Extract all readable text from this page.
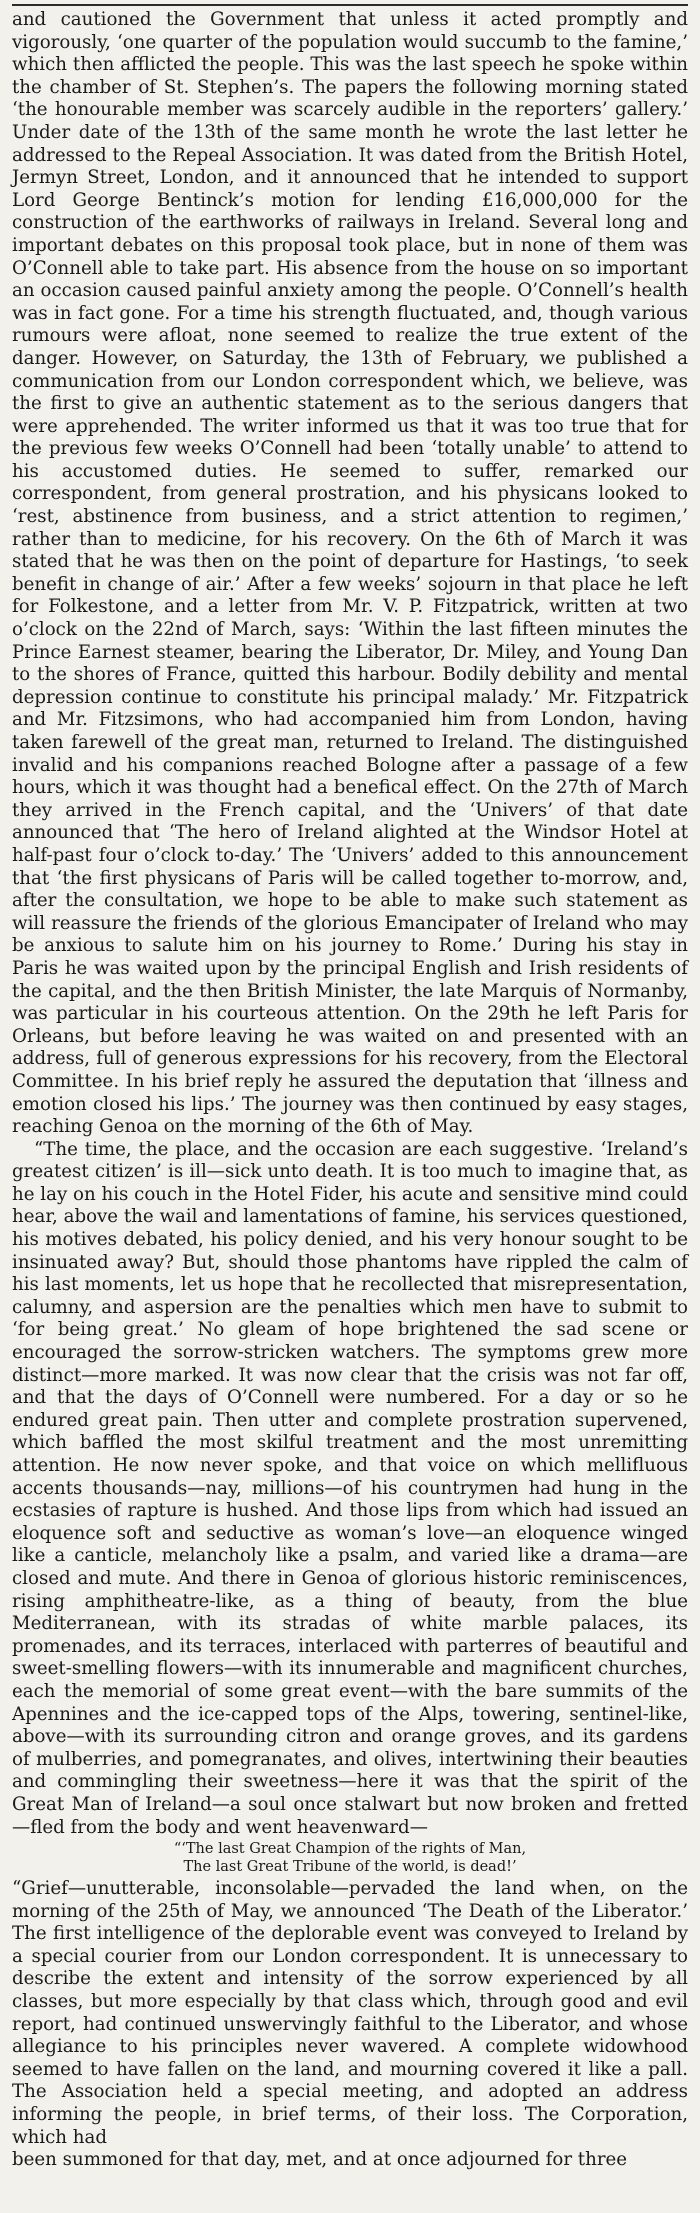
and cautioned the Government that unless it acted promptly and vigorously, ‘one quarter of the population would succumb to the famine,’ which then afflicted the people. This was the last speech he spoke within the chamber of St. Stephen’s. The papers the following morning stated ‘the honourable member was scarcely audible in the reporters’ gallery.’ Under date of the 13th of the same month he wrote the last letter he addressed to the Repeal Association. It was dated from the British Hotel, Jermyn Street, London, and it announced that he intended to support Lord George Bentinck’s motion for lending £16,000,000 for the construction of the earthworks of railways in Ireland. Several long and important debates on this proposal took place, but in none of them was O’Connell able to take part. His absence from the house on so important an occasion caused painful anxiety among the people. O’Connell’s health was in fact gone. For a time his strength fluctuated, and, though various rumours were afloat, none seemed to realize the true extent of the danger. However, on Saturday, the 13th of February, we published a communication from our London correspondent which, we believe, was the first to give an authentic statement as to the serious dangers that were apprehended. The writer informed us that it was too true that for the previous few weeks O’Connell had been ‘totally unable’ to attend to his accustomed duties. He seemed to suffer, remarked our correspondent, from general prostration, and his physicans looked to ‘rest, abstinence from business, and a strict attention to regimen,’ rather than to medicine, for his recovery. On the 6th of March it was stated that he was then on the point of departure for Hastings, ‘to seek benefit in change of air.’ After a few weeks’ sojourn in that place he left for Folkestone, and a letter from Mr. V. P. Fitzpatrick, written at two o’clock on the 22nd of March, says: ‘Within the last fifteen minutes the Prince Earnest steamer, bearing the Liberator, Dr. Miley, and Young Dan to the shores of France, quitted this harbour. Bodily debility and mental depression continue to constitute his principal malady.’ Mr. Fitzpatrick and Mr. Fitzsimons, who had accompanied him from London, having taken farewell of the great man, returned to Ireland. The distinguished invalid and his companions reached Bologne after a passage of a few hours, which it was thought had a benefical effect. On the 27th of March they arrived in the French capital, and the ‘Univers’ of that date announced that ‘The hero of Ireland alighted at the Windsor Hotel at half-past four o’clock to-day.’ The ‘Univers’ added to this announcement that ‘the first physicans of Paris will be called together to-morrow, and, after the consultation, we hope to be able to make such statement as will reassure the friends of the glorious Emancipater of Ireland who may be anxious to salute him on his journey to Rome.’ During his stay in Paris he was waited upon by the principal English and Irish residents of the capital, and the then British Minister, the late Marquis of Normanby, was particular in his courteous attention. On the 29th he left Paris for Orleans, but before leaving he was waited on and presented with an address, full of generous expressions for his recovery, from the Electoral Committee. In his brief reply he assured the deputation that ‘illness and emotion closed his lips.’ The journey was then continued by easy stages, reaching Genoa on the morning of the 6th of May.

“The time, the place, and the occasion are each suggestive. ‘Ireland’s greatest citizen’ is ill—sick unto death. It is too much to imagine that, as he lay on his couch in the Hotel Fider, his acute and sensitive mind could hear, above the wail and lamentations of famine, his services questioned, his motives debated, his policy denied, and his very honour sought to be insinuated away? But, should those phantoms have rippled the calm of his last moments, let us hope that he recollected that misrepresentation, calumny, and aspersion are the penalties which men have to submit to ‘for being great.’ No gleam of hope brightened the sad scene or encouraged the sorrow-stricken watchers. The symptoms grew more distinct—more marked. It was now clear that the crisis was not far off, and that the days of O’Connell were numbered. For a day or so he endured great pain. Then utter and complete prostration supervened, which baffled the most skilful treatment and the most unremitting attention. He now never spoke, and that voice on which mellifluous accents thousands—nay, millions—of his countrymen had hung in the ecstasies of rapture is hushed. And those lips from which had issued an eloquence soft and seductive as woman’s love—an eloquence winged like a canticle, melancholy like a psalm, and varied like a drama—are closed and mute. And there in Genoa of glorious historic reminiscences, rising amphitheatre-like, as a thing of beauty, from the blue Mediterranean, with its stradas of white marble palaces, its promenades, and its terraces, interlaced with parterres of beautiful and sweet-smelling flowers—with its innumerable and magnificent churches, each the memorial of some great event—with the bare summits of the Apennines and the ice-capped tops of the Alps, towering, sentinel-like, above—with its surrounding citron and orange groves, and its gardens of mulberries, and pomegranates, and olives, intertwining their beauties and commingling their sweetness—here it was that the spirit of the Great Man of Ireland—a soul once stalwart but now broken and fretted—fled from the body and went heavenward—

“‘The last Great Champion of the rights of Man,
The last Great Tribune of the world, is dead!’

“Grief—unutterable, inconsolable—pervaded the land when, on the morning of the 25th of May, we announced ‘The Death of the Liberator.’ The first intelligence of the deplorable event was conveyed to Ireland by a special courier from our London correspondent. It is unnecessary to describe the extent and intensity of the sorrow experienced by all classes, but more especially by that class which, through good and evil report, had continued unswervingly faithful to the Liberator, and whose allegiance to his principles never wavered. A complete widowhood seemed to have fallen on the land, and mourning covered it like a pall. The Association held a special meeting, and adopted an address informing the people, in brief terms, of their loss. The Corporation, which had

been summoned for that day, met, and at once adjourned for three
